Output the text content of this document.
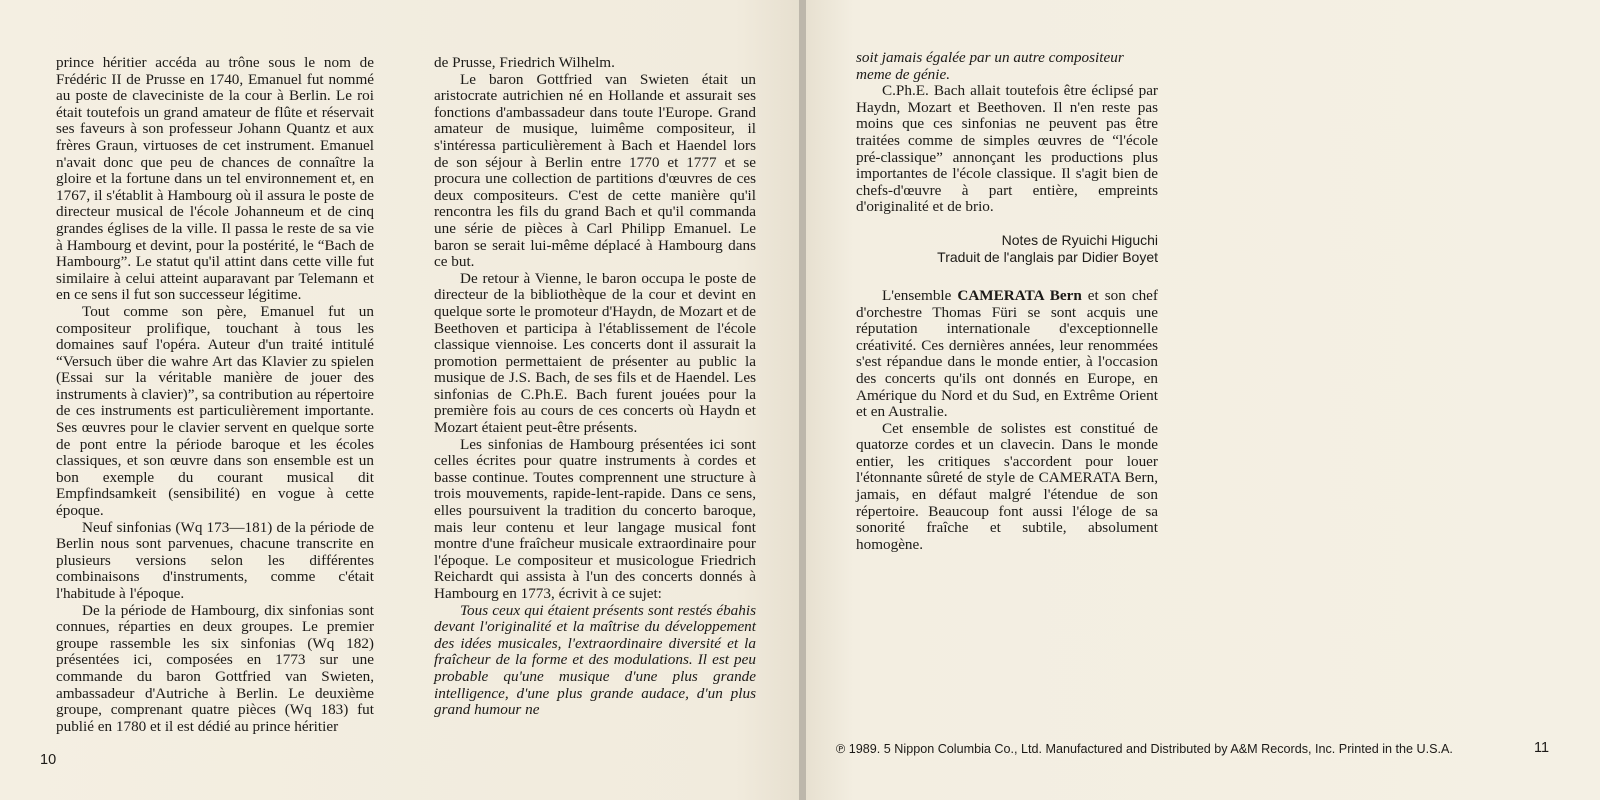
prince héritier accéda au trône sous le nom de Frédéric II de Prusse en 1740, Emanuel fut nommé au poste de claveciniste de la cour à Berlin. Le roi était toutefois un grand amateur de flûte et réservait ses faveurs à son professeur Johann Quantz et aux frères Graun, virtuoses de cet instrument. Emanuel n'avait donc que peu de chances de connaître la gloire et la fortune dans un tel environnement et, en 1767, il s'établit à Hambourg où il assura le poste de directeur musical de l'école Johanneum et de cinq grandes églises de la ville. Il passa le reste de sa vie à Hambourg et devint, pour la postérité, le “Bach de Hambourg”. Le statut qu'il attint dans cette ville fut similaire à celui atteint auparavant par Telemann et en ce sens il fut son successeur légitime.

Tout comme son père, Emanuel fut un compositeur prolifique, touchant à tous les domaines sauf l'opéra. Auteur d'un traité intitulé “Versuch über die wahre Art das Klavier zu spielen (Essai sur la véritable manière de jouer des instruments à clavier)”, sa contribution au répertoire de ces instruments est particulièrement importante. Ses œuvres pour le clavier servent en quelque sorte de pont entre la période baroque et les écoles classiques, et son œuvre dans son ensemble est un bon exemple du courant musical dit Empfindsamkeit (sensibilité) en vogue à cette époque.

Neuf sinfonias (Wq 173—181) de la période de Berlin nous sont parvenues, chacune transcrite en plusieurs versions selon les différentes combinaisons d'instruments, comme c'était l'habitude à l'époque.

De la période de Hambourg, dix sinfonias sont connues, réparties en deux groupes. Le premier groupe rassemble les six sinfonias (Wq 182) présentées ici, composées en 1773 sur une commande du baron Gottfried van Swieten, ambassadeur d'Autriche à Berlin. Le deuxième groupe, comprenant quatre pièces (Wq 183) fut publié en 1780 et il est dédié au prince héritier

de Prusse, Friedrich Wilhelm.

Le baron Gottfried van Swieten était un aristocrate autrichien né en Hollande et assurait ses fonctions d'ambassadeur dans toute l'Europe. Grand amateur de musique, luimême compositeur, il s'intéressa particulièrement à Bach et Haendel lors de son séjour à Berlin entre 1770 et 1777 et se procura une collection de partitions d'œuvres de ces deux compositeurs. C'est de cette manière qu'il rencontra les fils du grand Bach et qu'il commanda une série de pièces à Carl Philipp Emanuel. Le baron se serait lui-même déplacé à Hambourg dans ce but.

De retour à Vienne, le baron occupa le poste de directeur de la bibliothèque de la cour et devint en quelque sorte le promoteur d'Haydn, de Mozart et de Beethoven et participa à l'établissement de l'école classique viennoise. Les concerts dont il assurait la promotion permettaient de présenter au public la musique de J.S. Bach, de ses fils et de Haendel. Les sinfonias de C.Ph.E. Bach furent jouées pour la première fois au cours de ces concerts où Haydn et Mozart étaient peut-être présents.

Les sinfonias de Hambourg présentées ici sont celles écrites pour quatre instruments à cordes et basse continue. Toutes comprennent une structure à trois mouvements, rapide-lent-rapide. Dans ce sens, elles poursuivent la tradition du concerto baroque, mais leur contenu et leur langage musical font montre d'une fraîcheur musicale extraordinaire pour l'époque. Le compositeur et musicologue Friedrich Reichardt qui assista à l'un des concerts donnés à Hambourg en 1773, écrivit à ce sujet:

Tous ceux qui étaient présents sont restés ébahis devant l'originalité et la maîtrise du développement des idées musicales, l'extraordinaire diversité et la fraîcheur de la forme et des modulations. Il est peu probable qu'une musique d'une plus grande intelligence, d'une plus grande audace, d'un plus grand humour ne

10

soit jamais égalée par un autre compositeur meme de génie.

C.Ph.E. Bach allait toutefois être éclipsé par Haydn, Mozart et Beethoven. Il n'en reste pas moins que ces sinfonias ne peuvent pas être traitées comme de simples œuvres de “l'école pré-classique” annonçant les productions plus importantes de l'école classique. Il s'agit bien de chefs-d'œuvre à part entière, empreints d'originalité et de brio.

Notes de Ryuichi Higuchi
Traduit de l'anglais par Didier Boyet

L'ensemble CAMERATA Bern et son chef d'orchestre Thomas Füri se sont acquis une réputation internationale d'exceptionnelle créativité. Ces dernières années, leur renommées s'est répandue dans le monde entier, à l'occasion des concerts qu'ils ont donnés en Europe, en Amérique du Nord et du Sud, en Extrême Orient et en Australie.

Cet ensemble de solistes est constitué de quatorze cordes et un clavecin. Dans le monde entier, les critiques s'accordent pour louer l'étonnante sûreté de style de CAMERATA Bern, jamais, en défaut malgré l'étendue de son répertoire. Beaucoup font aussi l'éloge de sa sonorité fraîche et subtile, absolument homogène.

℗ 1989. 5 Nippon Columbia Co., Ltd. Manufactured and Distributed by A&M Records, Inc. Printed in the U.S.A.	11
